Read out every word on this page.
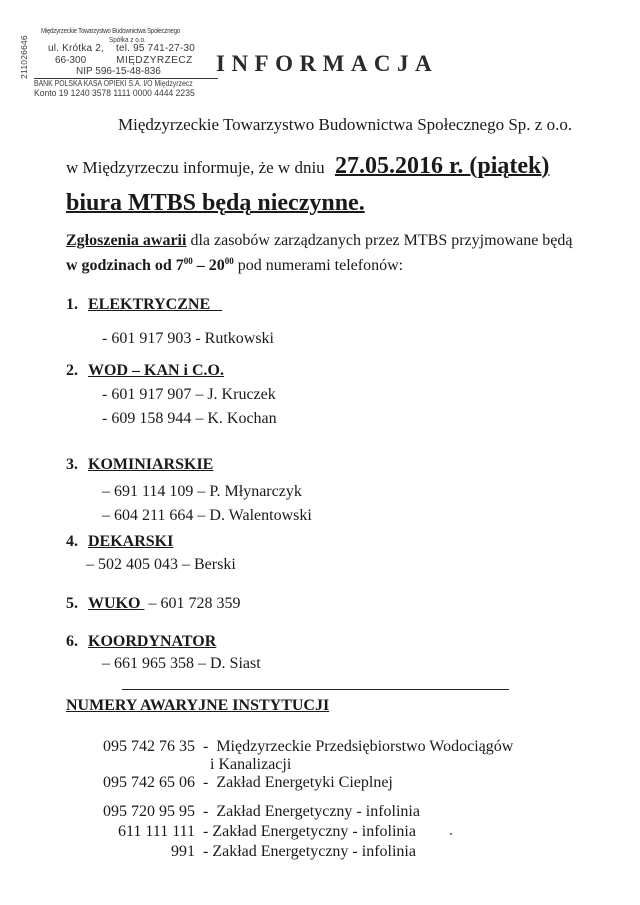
211026646
Międzyrzeckie Towarzystwo Budownictwa Społecznego
Spółka z o.o.
ul. Krótka 2, tel. 95 741-27-30
66-300	MIĘDZYRZECZ
NIP 596-15-48-836
BANK POLSKA KASA OPIEKI S.A. I/O Międzyrzecz
Konto 19 1240 3578 1111 0000 4444 2235
INFORMACJA
Międzyrzeckie Towarzystwo Budownictwa Społecznego Sp. z o.o.
w Międzyrzeczu informuje, że w dniu 27.05.2016 r. (piątek)
biura MTBS będą nieczynne.
Zgłoszenia awarii dla zasobów zarządzanych przez MTBS przyjmowane będą
w godzinach od $7^{00} - 20^{00}$ pod numerami telefonów:
1. ELEKTRYCZNE
- 601 917 903 - Rutkowski
2. WOD – KAN i C.O.
- 601 917 907 – J. Kruczek
- 609 158 944 – K. Kochan
3. KOMINIARSKIE
– 691 114 109 – P. Młynarczyk
– 604 211 664 – D. Walentowski
4. DEKARSKI
– 502 405 043 – Berski
5. WUKO  – 601 728 359
6. KOORDYNATOR
– 661 965 358 – D. Siast
NUMERY AWARYJNE INSTYTUCJI
095 742 76 35  -  Międzyrzeckie Przedsiębiorstwo Wodociągów
i Kanalizacji
095 742 65 06  -  Zakład Energetyki Cieplnej
095 720 95 95  -  Zakład Energetyczny - infolinia
611 111 111  - Zakład Energetyczny - infolinia
991  - Zakład Energetyczny - infolinia
